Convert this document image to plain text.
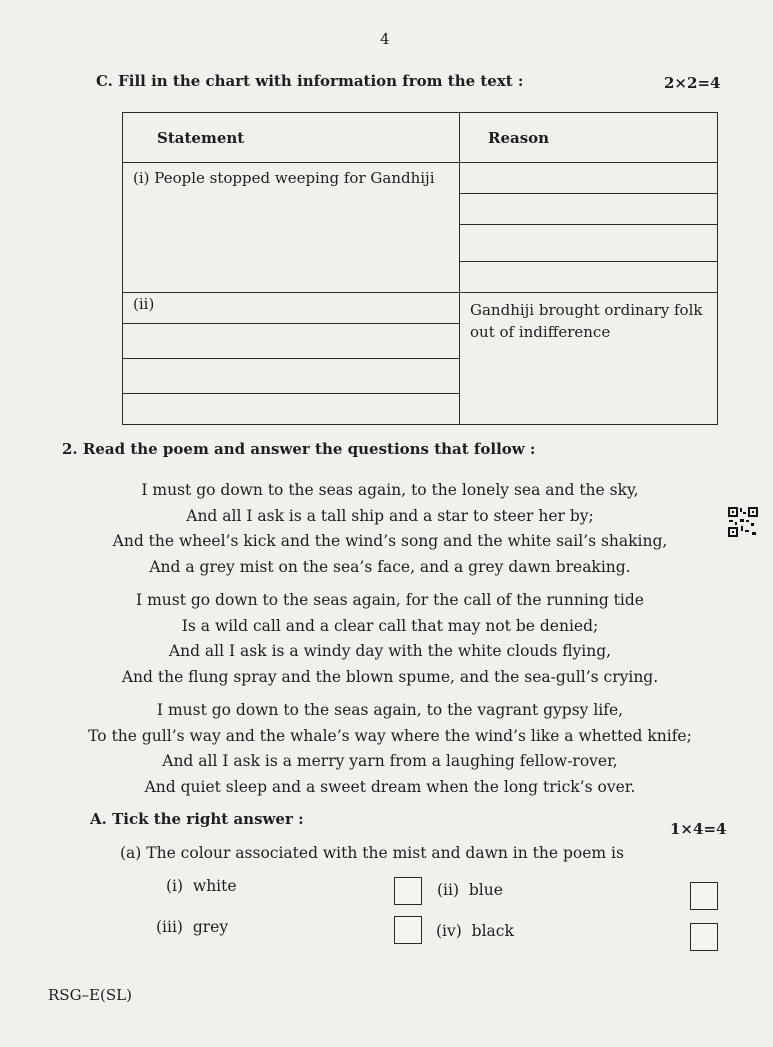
4
C. Fill in the chart with information from the text :	2×2=4
Statement	Reason
(i) People stopped weeping for Gandhiji	

(ii)	Gandhiji brought ordinary folk out of indifference

2. Read the poem and answer the questions that follow :
I must go down to the seas again, to the lonely sea and the sky,
And all I ask is a tall ship and a star to steer her by;
And the wheel’s kick and the wind’s song and the white sail’s shaking,
And a grey mist on the sea’s face, and a grey dawn breaking.
I must go down to the seas again, for the call of the running tide
Is a wild call and a clear call that may not be denied;
And all I ask is a windy day with the white clouds flying,
And the flung spray and the blown spume, and the sea-gull’s crying.
I must go down to the seas again, to the vagrant gypsy life,
To the gull’s way and the whale’s way where the wind’s like a whetted knife;
And all I ask is a merry yarn from a laughing fellow-rover,
And quiet sleep and a sweet dream when the long trick’s over.
A. Tick the right answer :
1×4=4
(a) The colour associated with the mist and dawn in the poem is
(i) white	(ii) blue
(iii) grey	(iv) black
RSG–E(SL)
